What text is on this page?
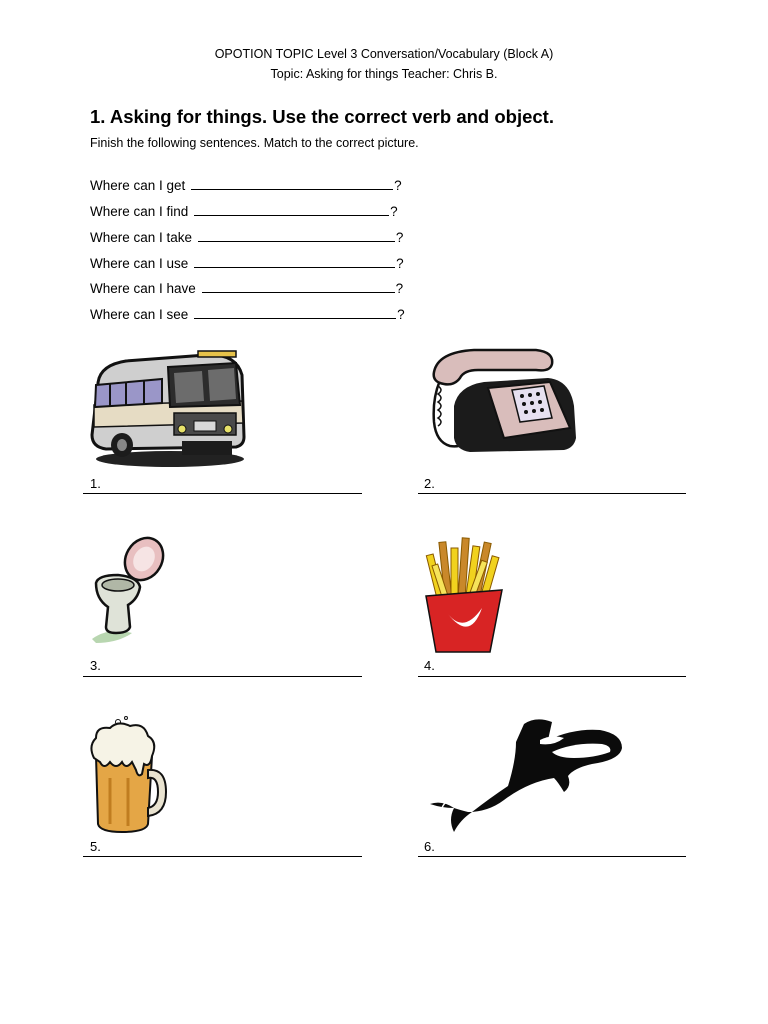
OPOTION TOPIC Level 3 Conversation/Vocabulary (Block A)
Topic: Asking for things Teacher: Chris B.
1. Asking for things. Use the correct verb and object.
Finish the following sentences. Match to the correct picture.
Where can I get	?
Where can I find	?
Where can I take	?
Where can I use	?
Where can I have	?
Where can I see	?
1.	2.
3.	4.
5.	6.
